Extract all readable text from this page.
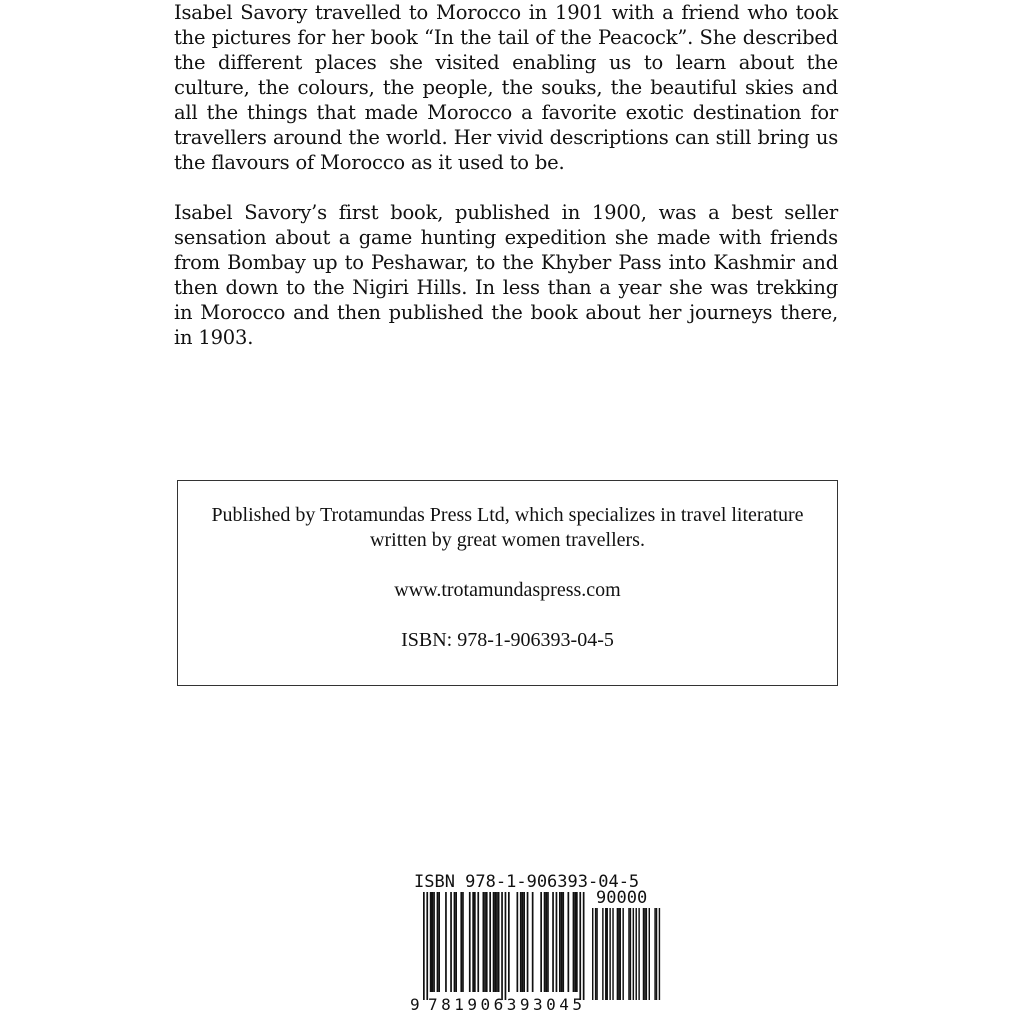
Isabel Savory travelled to Morocco in 1901 with a friend who took the pictures for her book “In the tail of the Peacock”. She described the different places she visited enabling us to learn about the culture, the colours, the people, the souks, the beautiful skies and all the things that made Morocco a favorite exotic destination for travellers around the world. Her vivid descriptions can still bring us the flavours of Morocco as it used to be.

Isabel Savory’s first book, published in 1900, was a best seller sensation about a game hunting expedition she made with friends from Bombay up to Peshawar, to the Khyber Pass into Kashmir and then down to the Nigiri Hills. In less than a year she was trekking in Morocco and then published the book about her journeys there, in 1903.

Published by Trotamundas Press Ltd, which specializes in travel literature written by great women travellers.
www.trotamundaspress.com
ISBN: 978-1-906393-04-5
ISBN 978-1-906393-04-5
90000
9 781906393045
